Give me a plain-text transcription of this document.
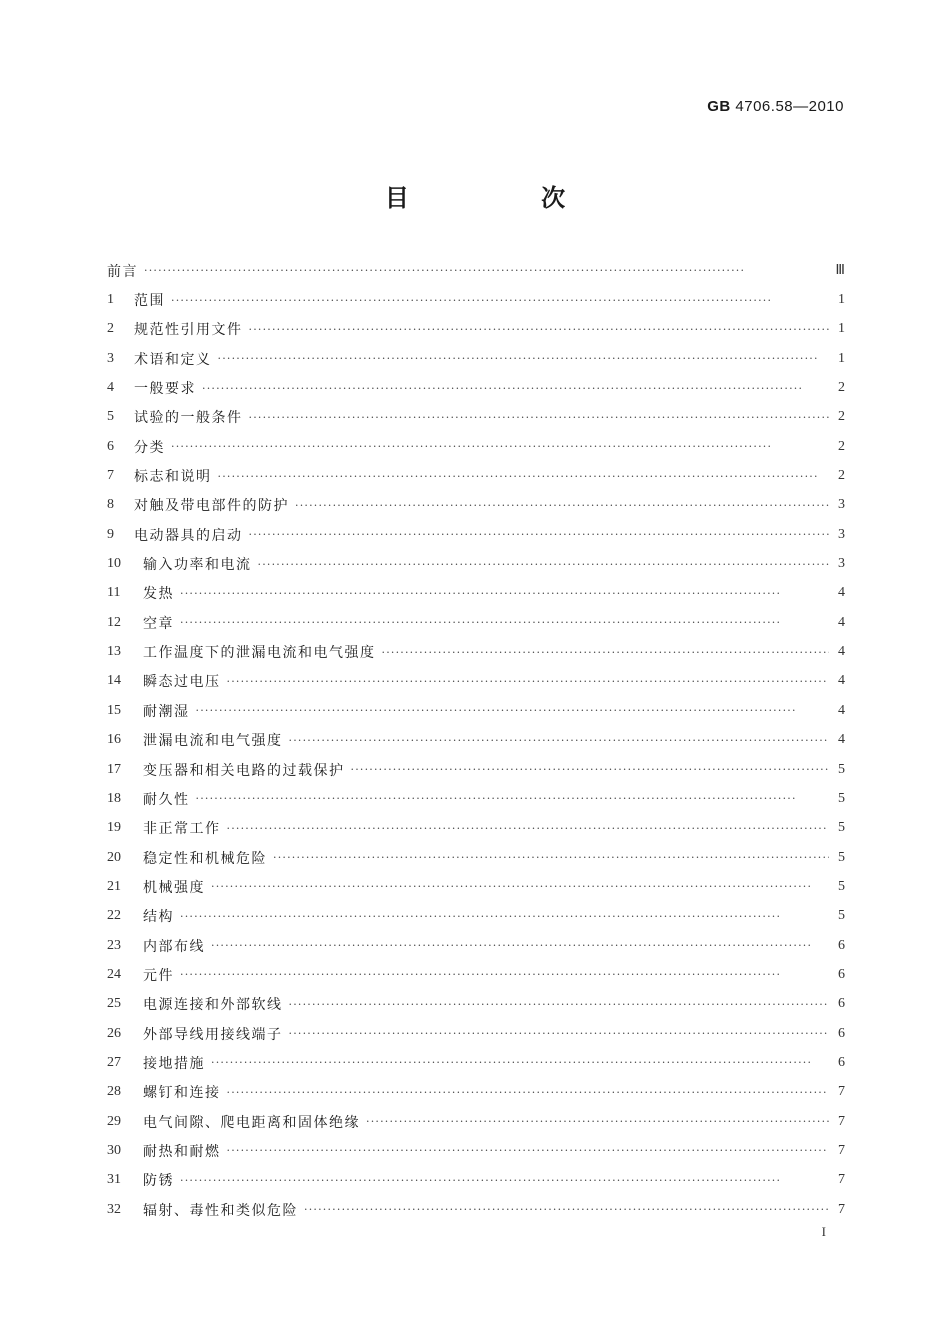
GB 4706.58—2010
目 次
前言 ·····	Ⅲ
1	范围 ·····	1
2	规范性引用文件 ·····	1
3	术语和定义 ·····	1
4	一般要求 ·····	2
5	试验的一般条件 ·····	2
6	分类 ·····	2
7	标志和说明 ·····	2
8	对触及带电部件的防护 ·····	3
9	电动器具的启动 ·····	3
10	输入功率和电流 ·····	3
11	发热 ·····	4
12	空章 ·····	4
13	工作温度下的泄漏电流和电气强度 ·····	4
14	瞬态过电压 ·····	4
15	耐潮湿 ·····	4
16	泄漏电流和电气强度 ·····	4
17	变压器和相关电路的过载保护 ·····	5
18	耐久性 ·····	5
19	非正常工作 ·····	5
20	稳定性和机械危险 ·····	5
21	机械强度 ·····	5
22	结构 ·····	5
23	内部布线 ·····	6
24	元件 ·····	6
25	电源连接和外部软线 ·····	6
26	外部导线用接线端子 ·····	6
27	接地措施 ·····	6
28	螺钉和连接 ·····	7
29	电气间隙、爬电距离和固体绝缘 ·····	7
30	耐热和耐燃 ·····	7
31	防锈 ·····	7
32	辐射、毒性和类似危险 ·····	7
I
